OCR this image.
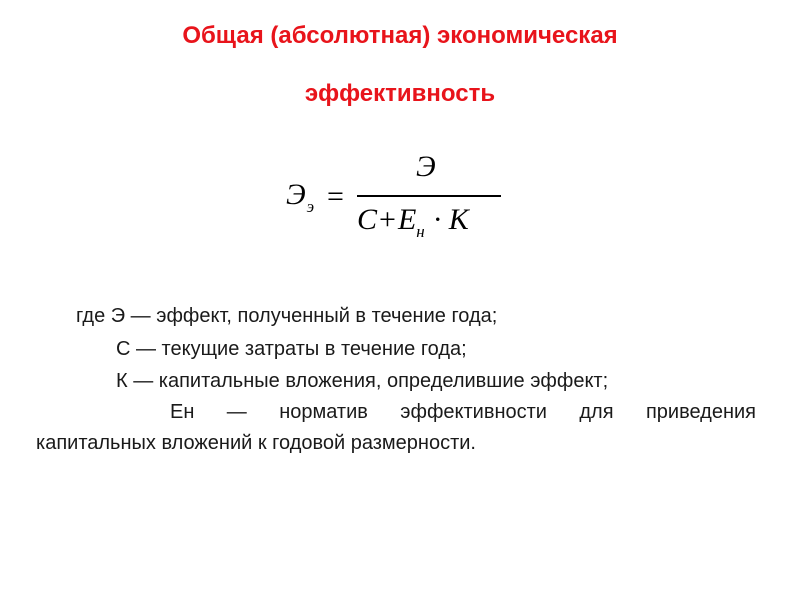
Общая (абсолютная) экономическая
эффективность
$Э_э$ =
Э
$C+E_н \cdot K$
где Э — эффект, полученный в течение года;
С — текущие затраты в течение года;
К — капитальные вложения, определившие эффект;
Ен — норматив эффективности для приведения
капитальных вложений к годовой размерности.
